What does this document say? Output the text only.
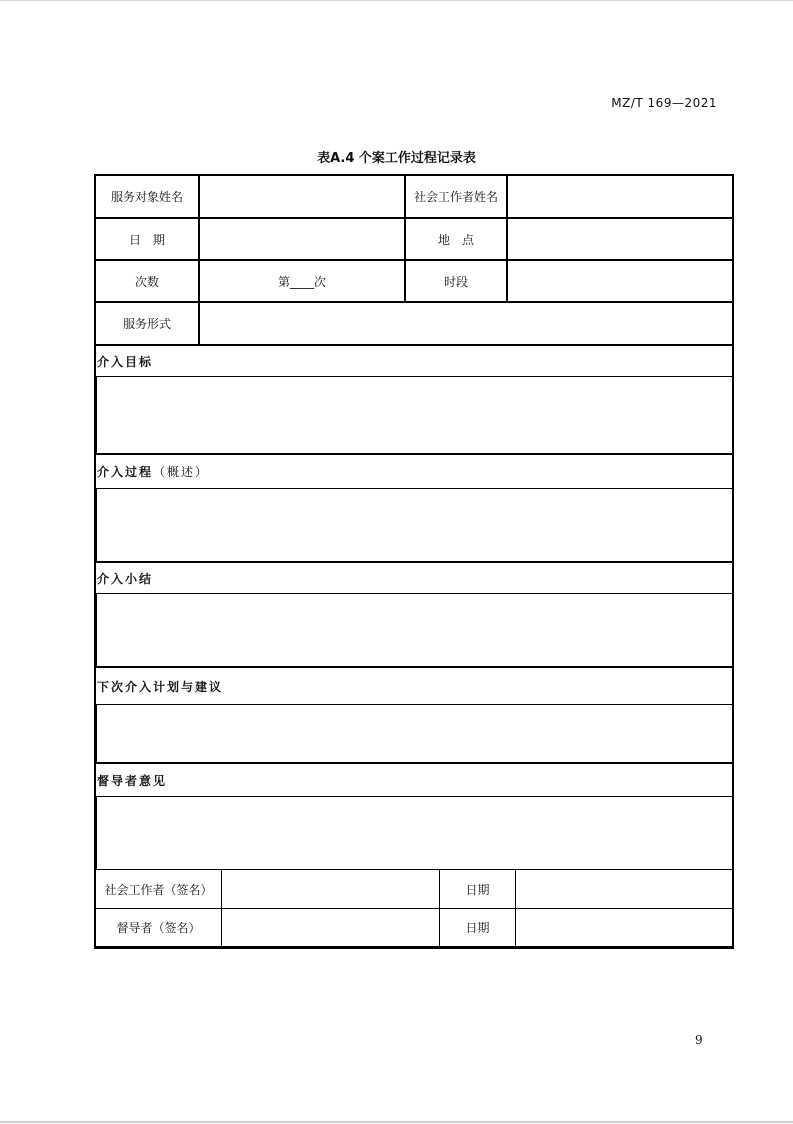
MZ/T 169—2021
表A.4 个案工作过程记录表
服务对象姓名	社会工作者姓名
日　期	地　点
次数	第____次	时段
服务形式
介入目标
介入过程 （概述）
介入小结
下次介入计划与建议
督导者意见
社会工作者（签名）	日期
督导者（签名）	日期
9
